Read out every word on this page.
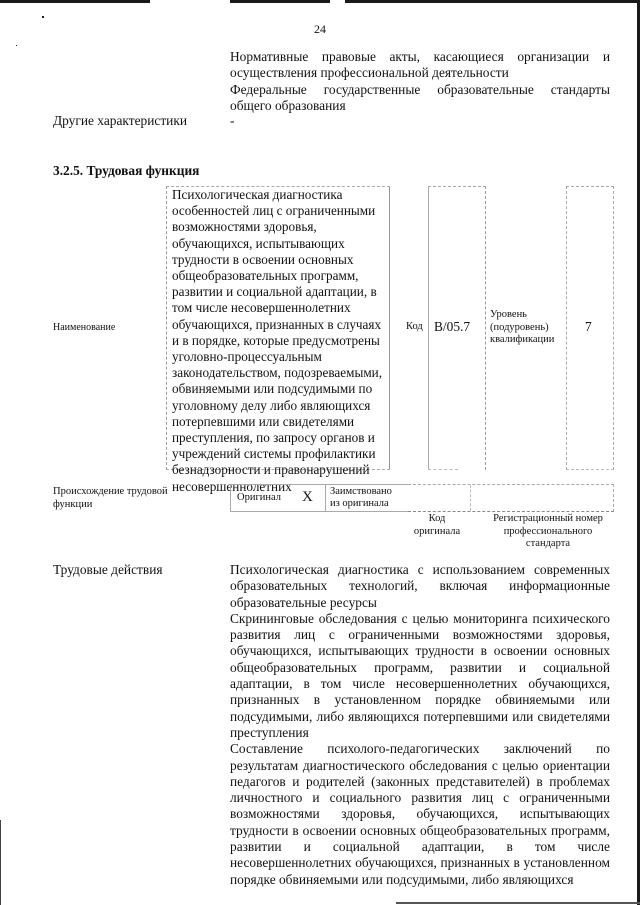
24

Нормативные правовые акты, касающиеся организации и осуществления профессиональной деятельности

Федеральные государственные образовательные стандарты общего образования

Другие характеристики	-
3.2.5. Трудовая функция
Наименование
Психологическая диагностика
особенностей лиц с ограниченными
возможностями здоровья,
обучающихся, испытывающих
трудности в освоении основных
общеобразовательных программ,
развитии и социальной адаптации, в
том числе несовершеннолетних
обучающихся, признанных в случаях
и в порядке, которые предусмотрены
уголовно-процессуальным
законодательством, подозреваемыми,
обвиняемыми или подсудимыми по
уголовному делу либо являющихся
потерпевшими или свидетелями
преступления, по запросу органов и
учреждений системы профилактики
безнадзорности и правонарушений
несовершеннолетних
Код B/05.7
Уровень
(подуровень)
квалификации
7
Происхождение трудовой
функции
Оригинал X Заимствовано
из оригинала
Код
оригинала
Регистрационный номер
профессионального
стандарта
Трудовые действия	Психологическая диагностика с использованием современных образовательных технологий, включая информационные образовательные ресурсы

Скрининговые обследования с целью мониторинга психического развития лиц с ограниченными возможностями здоровья, обучающихся, испытывающих трудности в освоении основных общеобразовательных программ, развитии и социальной адаптации, в том числе несовершеннолетних обучающихся, признанных в установленном порядке обвиняемыми или подсудимыми, либо являющихся потерпевшими или свидетелями преступления

Составление психолого-педагогических заключений по результатам диагностического обследования с целью ориентации педагогов и родителей (законных представителей) в проблемах личностного и социального развития лиц с ограниченными возможностями здоровья, обучающихся, испытывающих трудности в освоении основных общеобразовательных программ, развитии и социальной адаптации, в том числе несовершеннолетних обучающихся, признанных в установленном порядке обвиняемыми или подсудимыми, либо являющихся
